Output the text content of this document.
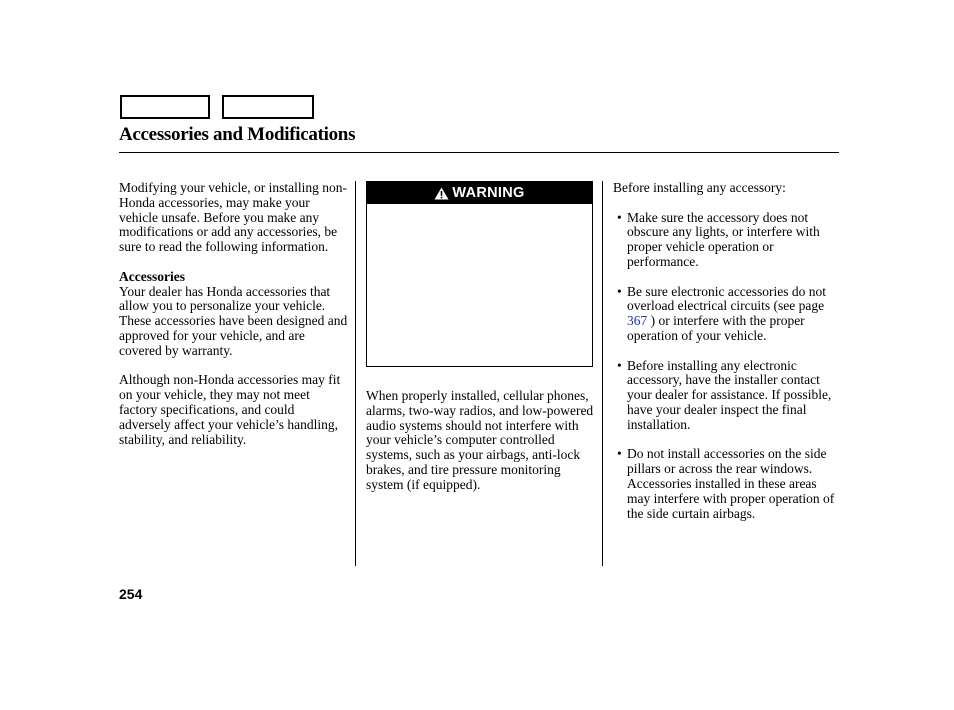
Accessories and Modifications

Modifying your vehicle, or installing non-Honda accessories, may make your vehicle unsafe. Before you make any modifications or add any accessories, be sure to read the following information.

Accessories

Your dealer has Honda accessories that allow you to personalize your vehicle. These accessories have been designed and approved for your vehicle, and are covered by warranty.

Although non-Honda accessories may fit on your vehicle, they may not meet factory specifications, and could adversely affect your vehicle’s handling, stability, and reliability.

WARNING

When properly installed, cellular phones, alarms, two-way radios, and low-powered audio systems should not interfere with your vehicle’s computer controlled systems, such as your airbags, anti-lock brakes, and tire pressure monitoring system (if equipped).

Before installing any accessory:

• Make sure the accessory does not obscure any lights, or interfere with proper vehicle operation or performance.
• Be sure electronic accessories do not overload electrical circuits (see page 367 ) or interfere with the proper operation of your vehicle.
• Before installing any electronic accessory, have the installer contact your dealer for assistance. If possible, have your dealer inspect the final installation.
• Do not install accessories on the side pillars or across the rear windows. Accessories installed in these areas may interfere with proper operation of the side curtain airbags.
254
